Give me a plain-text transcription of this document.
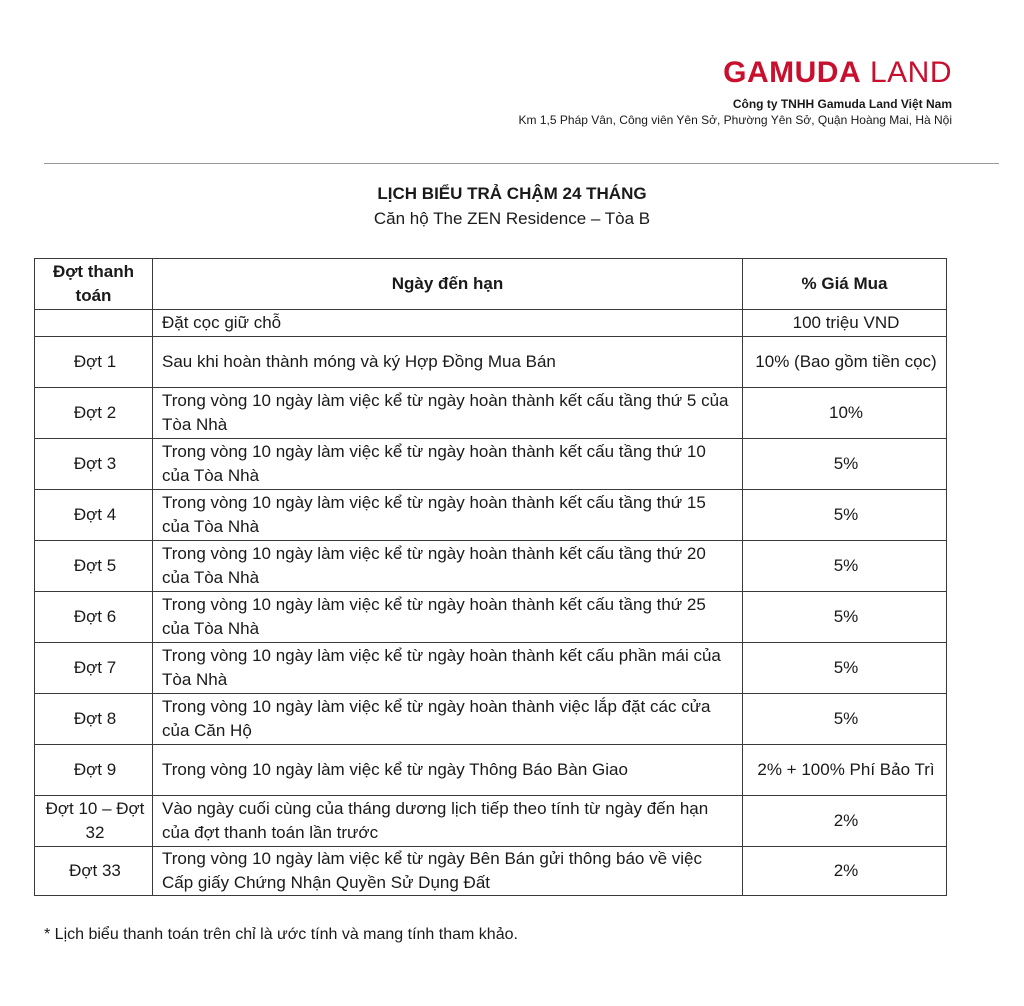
GAMUDA LAND
Công ty TNHH Gamuda Land Việt Nam
Km 1,5 Pháp Vân, Công viên Yên Sở, Phường Yên Sở, Quận Hoàng Mai, Hà Nội
LỊCH BIỂU TRẢ CHẬM 24 THÁNG
Căn hộ The ZEN Residence – Tòa B
Đợt thanh toán	Ngày đến hạn	% Giá Mua
	Đặt cọc giữ chỗ	100 triệu VND
Đợt 1	Sau khi hoàn thành móng và ký Hợp Đồng Mua Bán	10% (Bao gồm tiền cọc)
Đợt 2	Trong vòng 10 ngày làm việc kể từ ngày hoàn thành kết cấu tầng thứ 5 của Tòa Nhà	10%
Đợt 3	Trong vòng 10 ngày làm việc kể từ ngày hoàn thành kết cấu tầng thứ 10 của Tòa Nhà	5%
Đợt 4	Trong vòng 10 ngày làm việc kể từ ngày hoàn thành kết cấu tầng thứ 15 của Tòa Nhà	5%
Đợt 5	Trong vòng 10 ngày làm việc kể từ ngày hoàn thành kết cấu tầng thứ 20 của Tòa Nhà	5%
Đợt 6	Trong vòng 10 ngày làm việc kể từ ngày hoàn thành kết cấu tầng thứ 25 của Tòa Nhà	5%
Đợt 7	Trong vòng 10 ngày làm việc kể từ ngày hoàn thành kết cấu phần mái của Tòa Nhà	5%
Đợt 8	Trong vòng 10 ngày làm việc kể từ ngày hoàn thành việc lắp đặt các cửa của Căn Hộ	5%
Đợt 9	Trong vòng 10 ngày làm việc kể từ ngày Thông Báo Bàn Giao	2% + 100% Phí Bảo Trì
Đợt 10 – Đợt 32	Vào ngày cuối cùng của tháng dương lịch tiếp theo tính từ ngày đến hạn của đợt thanh toán lần trước	2%
Đợt 33	Trong vòng 10 ngày làm việc kể từ ngày Bên Bán gửi thông báo về việc Cấp giấy Chứng Nhận Quyền Sử Dụng Đất	2%
* Lịch biểu thanh toán trên chỉ là ước tính và mang tính tham khảo.
